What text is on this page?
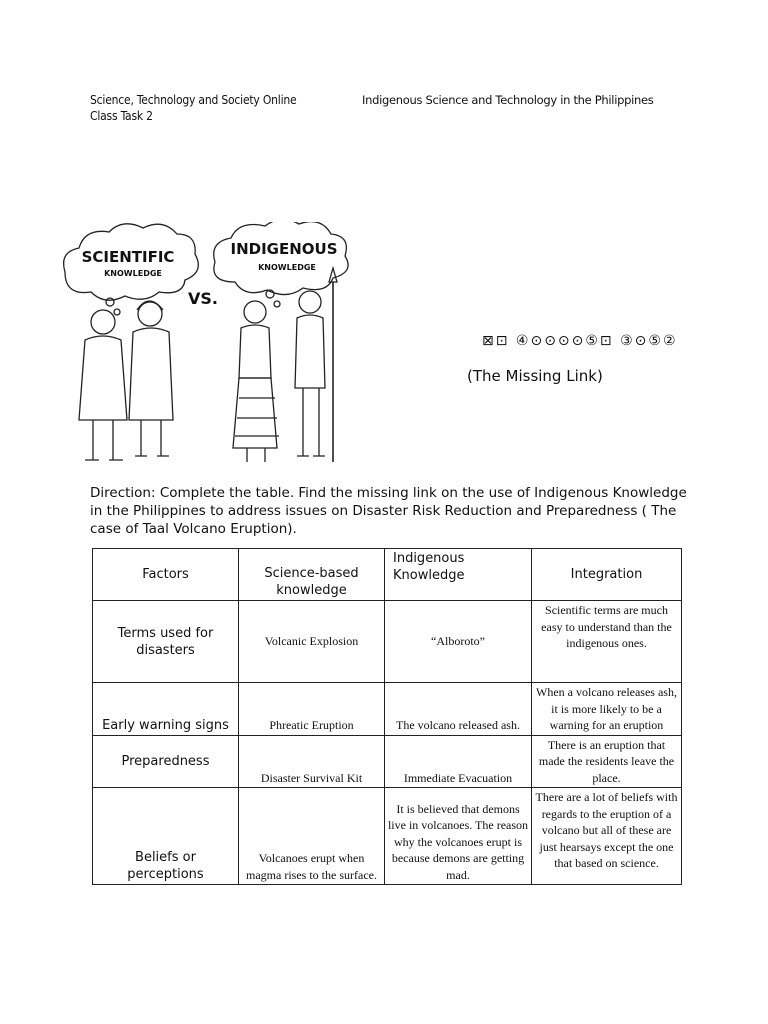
Science, Technology and Society Online Class Task 2
Indigenous Science and Technology in the Philippines
SCIENTIFIC
KNOWLEDGE
INDIGENOUS
KNOWLEDGE
VS.
⊠⊡ ④⊙⊙⊙⊙⑤⊡ ③⊙⑤②
(The Missing Link)
Direction: Complete the table. Find the missing link on the use of Indigenous Knowledge in the Philippines to address issues on Disaster Risk Reduction and Preparedness ( The case of Taal Volcano Eruption).
Factors	Science-based knowledge	Indigenous Knowledge	Integration
Terms used for disasters	Volcanic Explosion	“Alboroto”	Scientific terms are much easy to understand than the indigenous ones.
Early warning signs	Phreatic Eruption	The volcano released ash.	When a volcano releases ash, it is more likely to be a warning for an eruption
Preparedness	Disaster Survival Kit	Immediate Evacuation	There is an eruption that made the residents leave the place.
Beliefs or perceptions	Volcanoes erupt when magma rises to the surface.	It is believed that demons live in volcanoes. The reason why the volcanoes erupt is because demons are getting mad.	There are a lot of beliefs with regards to the eruption of a volcano but all of these are just hearsays except the one that based on science.
